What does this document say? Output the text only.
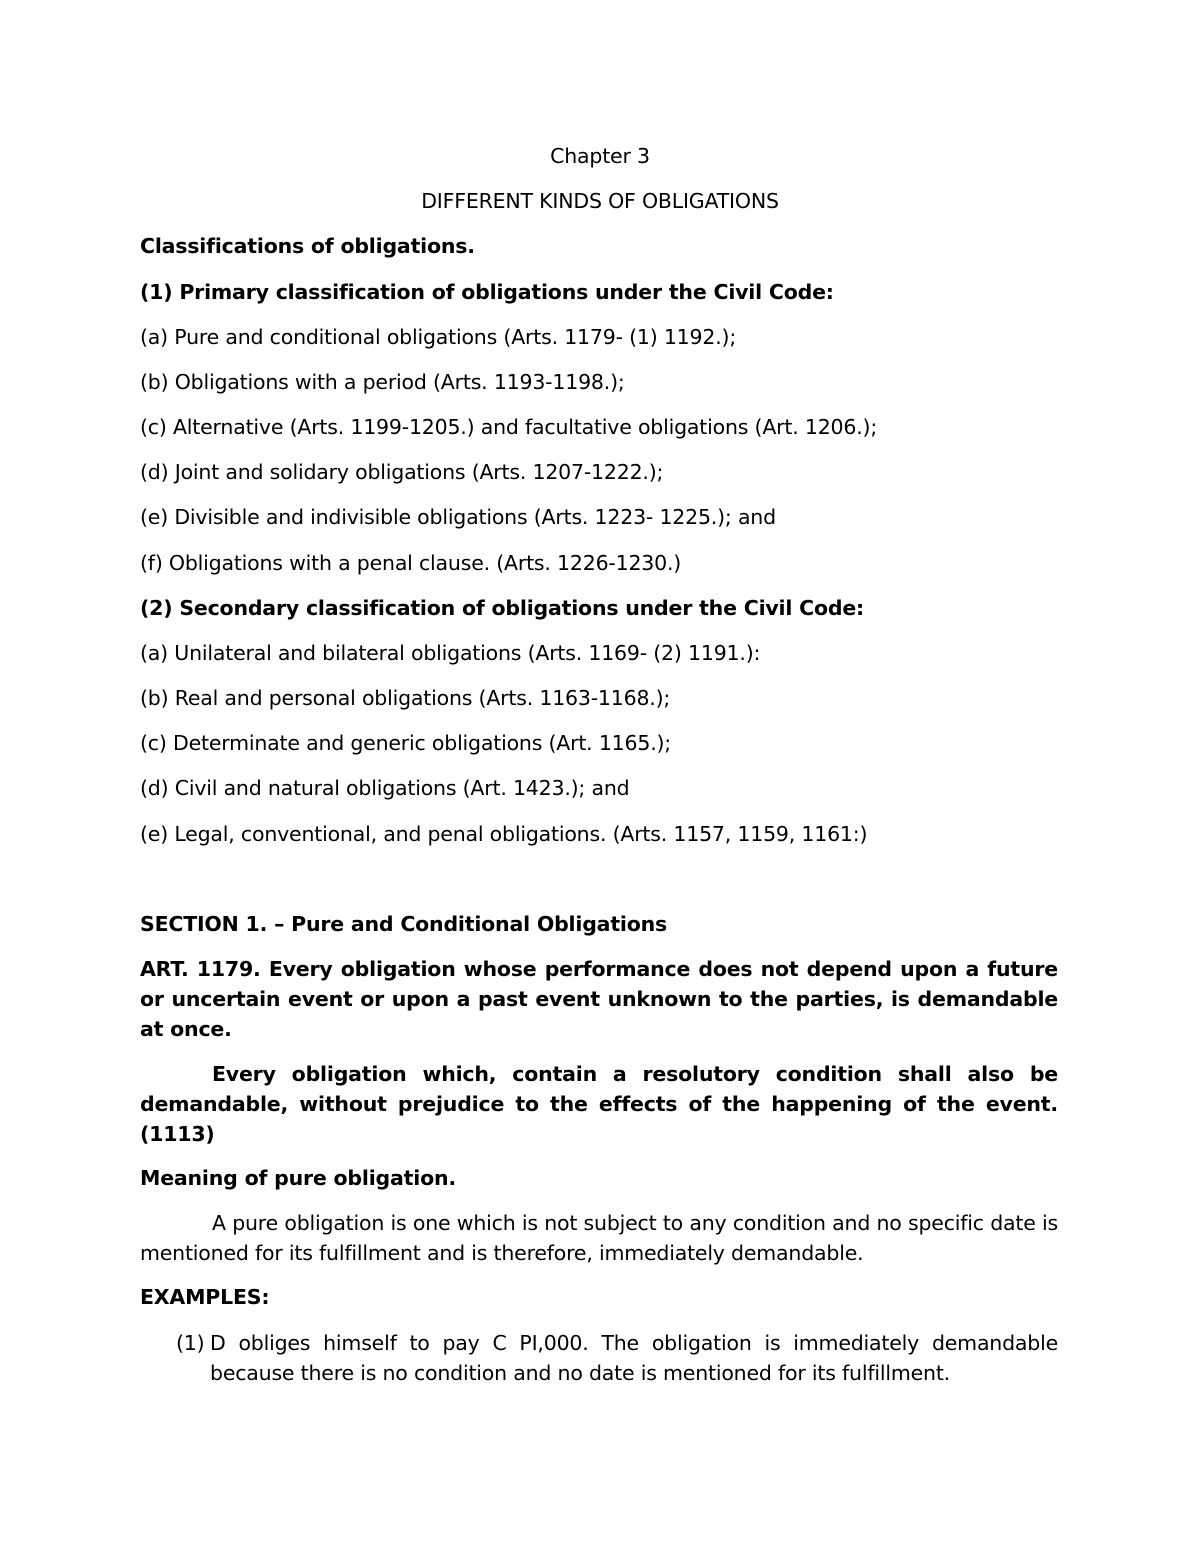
Chapter 3
DIFFERENT KINDS OF OBLIGATIONS
Classifications of obligations.
(1) Primary classification of obligations under the Civil Code:
(a) Pure and conditional obligations (Arts. 1179- (1) 1192.);
(b) Obligations with a period (Arts. 1193-1198.);
(c) Alternative (Arts. 1199-1205.) and facultative obligations (Art. 1206.);
(d) Joint and solidary obligations (Arts. 1207-1222.);
(e) Divisible and indivisible obligations (Arts. 1223- 1225.); and
(f) Obligations with a penal clause. (Arts. 1226-1230.)
(2) Secondary classification of obligations under the Civil Code:
(a) Unilateral and bilateral obligations (Arts. 1169- (2) 1191.):
(b) Real and personal obligations (Arts. 1163-1168.);
(c) Determinate and generic obligations (Art. 1165.);
(d) Civil and natural obligations (Art. 1423.); and
(e) Legal, conventional, and penal obligations. (Arts. 1157, 1159, 1161:)
SECTION 1. – Pure and Conditional Obligations
ART. 1179. Every obligation whose performance does not depend upon a future or uncertain event or upon a past event unknown to the parties, is demandable at once.
Every obligation which, contain a resolutory condition shall also be demandable, without prejudice to the effects of the happening of the event. (1113)
Meaning of pure obligation.
A pure obligation is one which is not subject to any condition and no specific date is mentioned for its fulfillment and is therefore, immediately demandable.
EXAMPLES:
(1) D obliges himself to pay C PI,000. The obligation is immediately demandable because there is no condition and no date is mentioned for its fulfillment.
